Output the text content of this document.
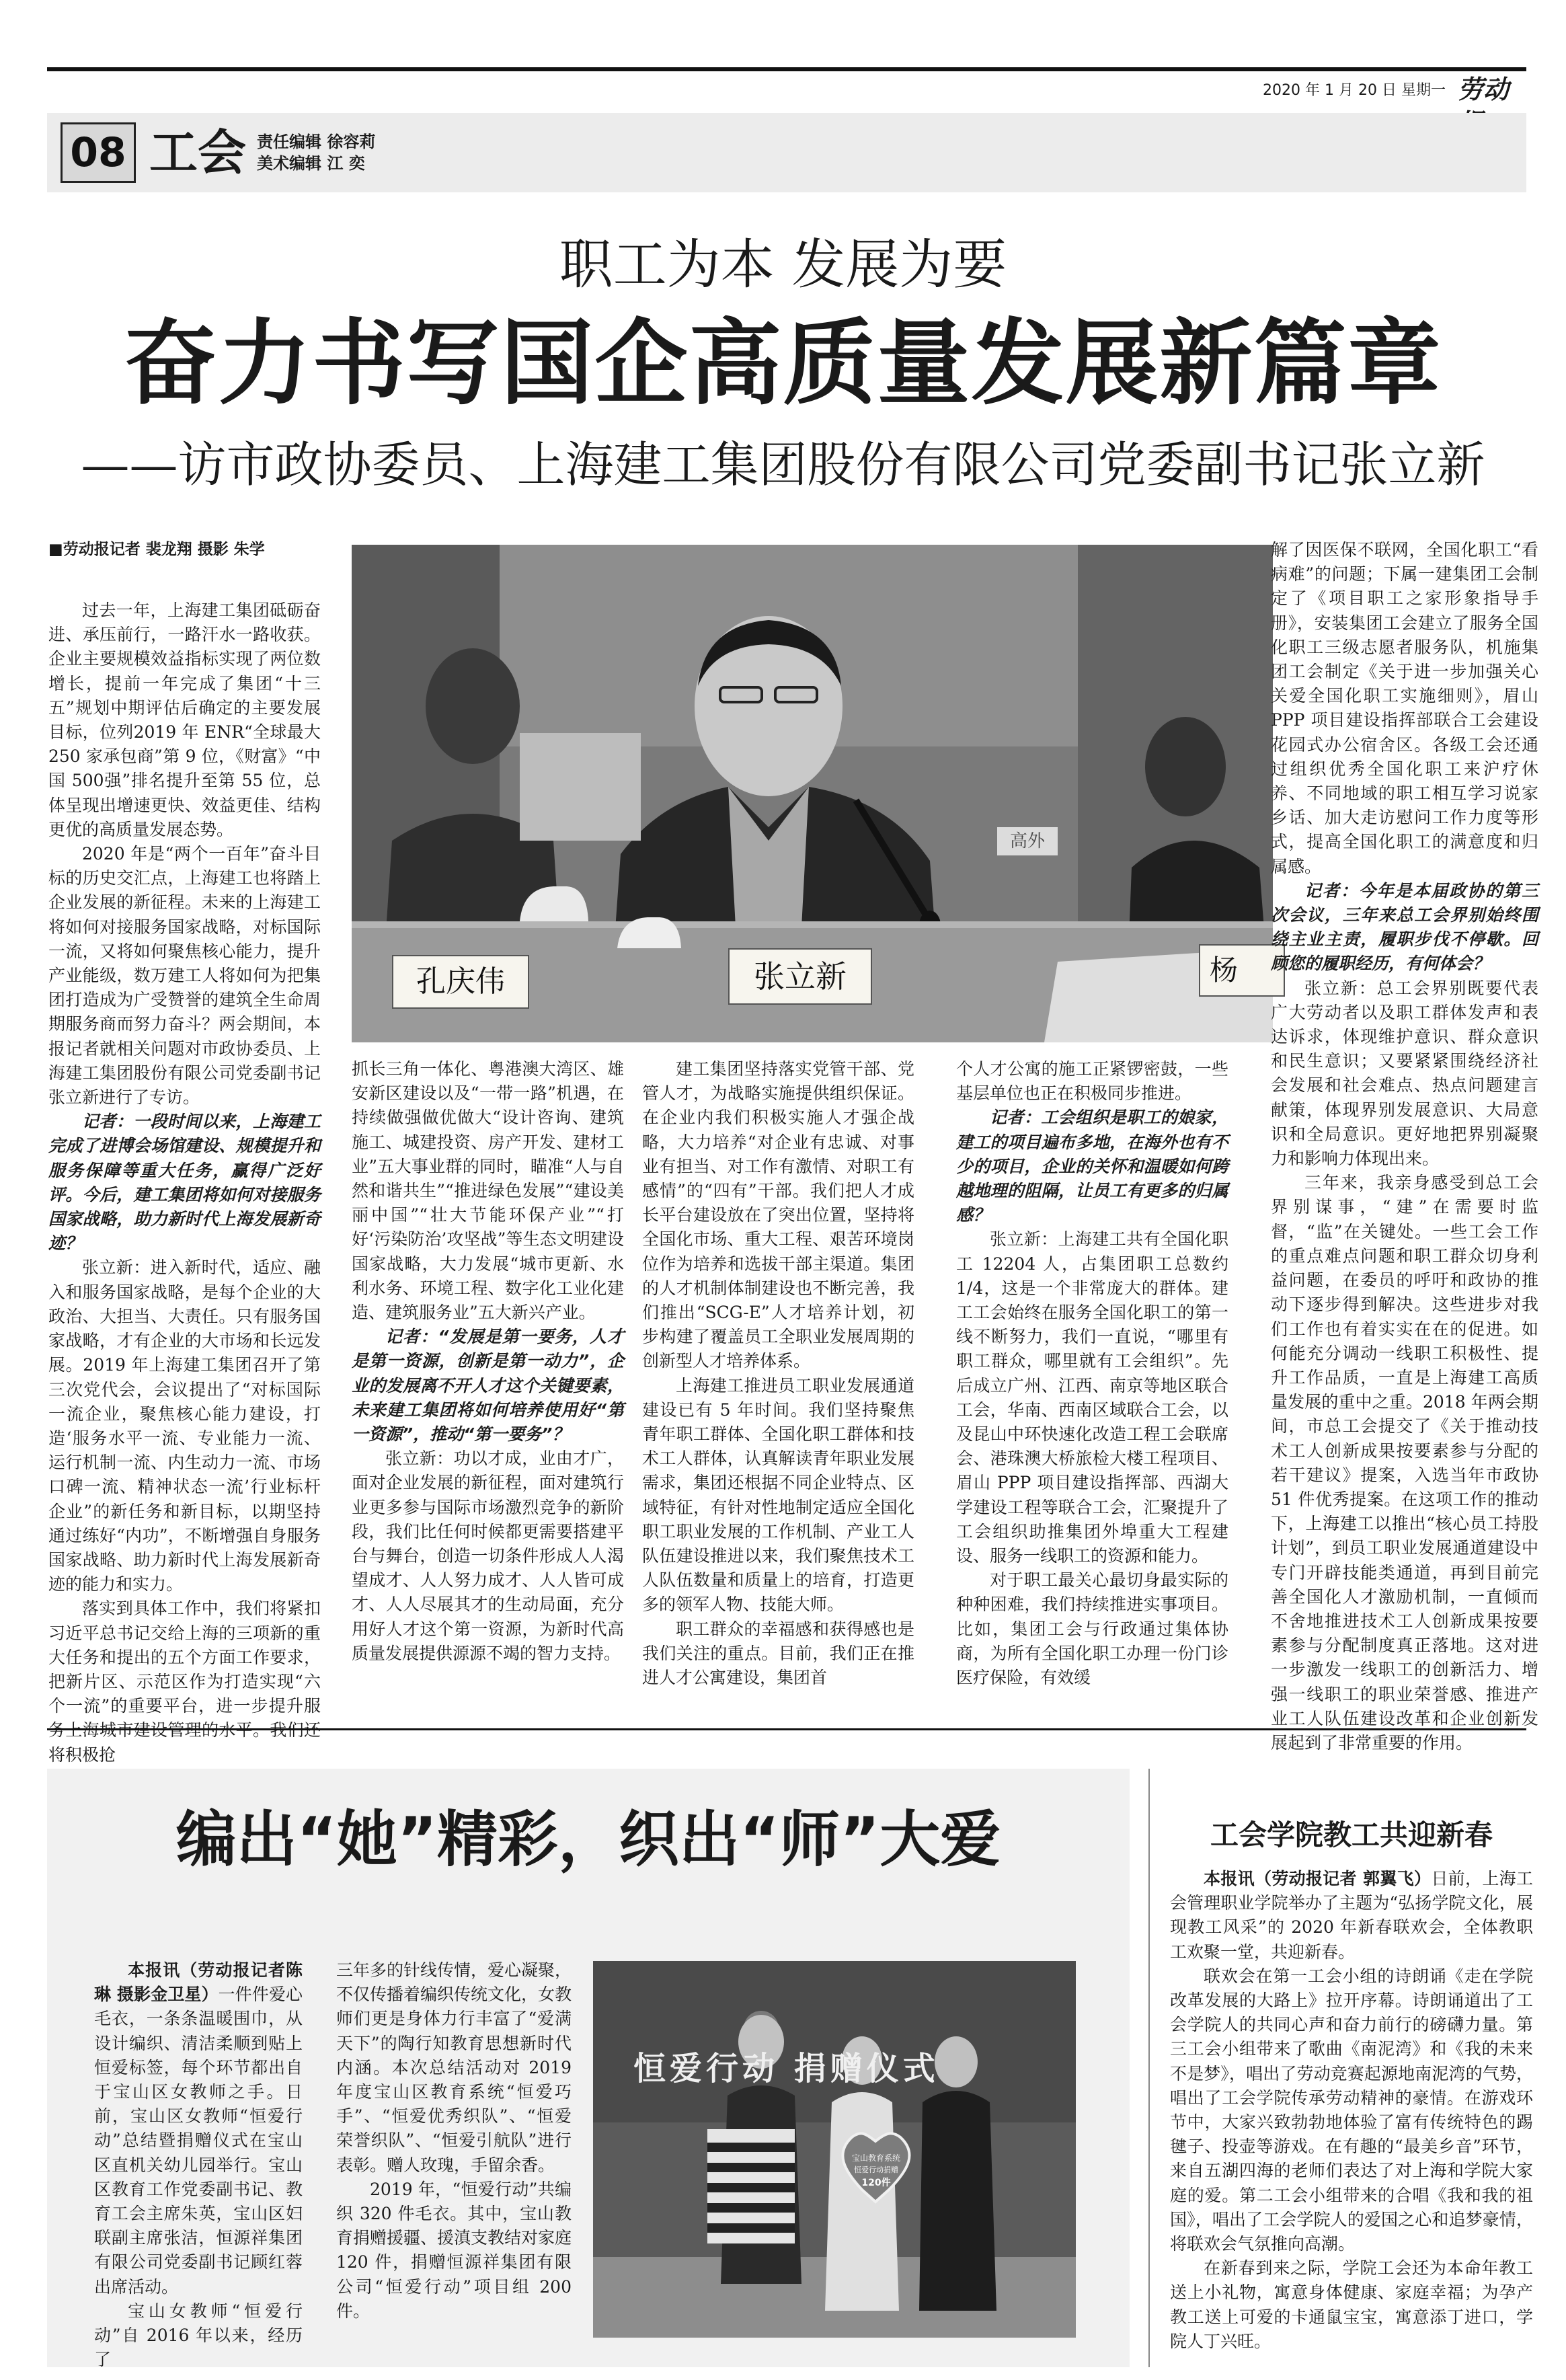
2020 年 1 月 20 日 星期一 劳动
08 工会 责任编辑 徐容莉
美术编辑 江 奕
职工为本 发展为要
奋力书写国企高质量发展新篇章
——访市政协委员、上海建工集团股份有限公司党委副书记张立新
■劳动报记者 裴龙翔 摄影 朱学
孔庆伟	张立新	杨
高外

过去一年，上海建工集团砥砺奋进、承压前行，一路汗水一路收获。企业主要规模效益指标实现了两位数增长，提前一年完成了集团“十三五”规划中期评估后确定的主要发展目标，位列2019 年 ENR“全球最大 250 家承包商”第 9 位，《财富》“中国 500强”排名提升至第 55 位，总体呈现出增速更快、效益更佳、结构更优的高质量发展态势。

2020 年是“两个一百年”奋斗目标的历史交汇点，上海建工也将踏上企业发展的新征程。未来的上海建工将如何对接服务国家战略，对标国际一流，又将如何聚焦核心能力，提升产业能级，数万建工人将如何为把集团打造成为广受赞誉的建筑全生命周期服务商而努力奋斗？两会期间，本报记者就相关问题对市政协委员、上海建工集团股份有限公司党委副书记张立新进行了专访。

记者：一段时间以来，上海建工完成了进博会场馆建设、规模提升和服务保障等重大任务，赢得广泛好评。今后，建工集团将如何对接服务国家战略，助力新时代上海发展新奇迹？

张立新：进入新时代，适应、融入和服务国家战略，是每个企业的大政治、大担当、大责任。只有服务国家战略，才有企业的大市场和长远发展。2019 年上海建工集团召开了第三次党代会，会议提出了“对标国际一流企业，聚焦核心能力建设，打造‘服务水平一流、专业能力一流、运行机制一流、内生动力一流、市场口碑一流、精神状态一流’行业标杆企业”的新任务和新目标，以期坚持通过练好“内功”，不断增强自身服务国家战略、助力新时代上海发展新奇迹的能力和实力。

落实到具体工作中，我们将紧扣习近平总书记交给上海的三项新的重大任务和提出的五个方面工作要求，把新片区、示范区作为打造实现“六个一流”的重要平台，进一步提升服 将积极抢

抓长三角一体化、粤港澳大湾区、雄安新区建设以及“一带一路”机遇，在持续做强做优做大“设计咨询、建筑施工、城建投资、房产开发、建材工业”五大事业群的同时，瞄准“人与自然和谐共生”“推进绿色发展”“建设美丽中国”“壮大节能环保产业”“打好‘污染防治’攻坚战”等生态文明建设国家战略，大力发展“城市更新、水利水务、环境工程、数字化工业化建造、建筑服务业”五大新兴产业。

记者：“发展是第一要务，人才是第一资源，创新是第一动力”，企业的发展离不开人才这个关键要素，未来建工集团将如何培养使用好“第一资源”，推动“第一要务”？

张立新：功以才成，业由才广，面对企业发展的新征程，面对建筑行业更多参与国际市场激烈竞争的新阶段，我们比任何时候都更需要搭建平台与舞台，创造一切条件形成人人渴望成才、人人努力成才、人人皆可成才、人人尽展其才的生动局面，充分用好人才这个第一资源，为新时代高质量发展提供源源不竭的智力支持。

建工集团坚持落实党管干部、党管人才，为战略实施提供组织保证。在企业内我们积极实施人才强企战略，大力培养“对企业有忠诚、对事业有担当、对工作有激情、对职工有感情”的“四有”干部。我们把人才成长平台建设放在了突出位置，坚持将全国化市场、重大工程、艰苦环境岗位作为培养和选拔干部主渠道。集团的人才机制体制建设也不断完善，我们推出“SCG-E”人才培养计划，初步构建了覆盖员工全职业发展周期的创新型人才培养体系。

上海建工推进员工职业发展通道建设已有 5 年时间。我们坚持聚焦青年职工群体、全国化职工群体和技术工人群体，认真解读青年职业发展需求，集团还根据不同企业特点、区域特征，有针对性地制定适应全国化职工职业发展的工作机制、产业工人队伍建设推进以来，我们聚焦技术工人队伍数量和质量上的培育，打造更多的领军人物、技能大师。

职工群众的幸福感和获得感也是我们关注的重点。目前，我们正在推进人才公寓建设，集团首

个人才公寓的施工正紧锣密鼓，一些基层单位也正在积极同步推进。

记者：工会组织是职工的娘家，建工的项目遍布多地，在海外也有不少的项目，企业的关怀和温暖如何跨越地理的阻隔，让员工有更多的归属感？

张立新：上海建工共有全国化职工 12204 人，占集团职工总数约 1/4，这是一个非常庞大的群体。建工工会始终在服务全国化职工的第一线不断努力，我们一直说，“哪里有职工群众，哪里就有工会组织”。先后成立广州、江西、南京等地区联合工会，华南、西南区域联合工会，以及昆山中环快速化改造工程工会联席会、港珠澳大桥旅检大楼工程项目、眉山 PPP 项目建设指挥部、西湖大学建设工程等联合工会，汇聚提升了工会组织助推集团外埠重大工程建设、服务一线职工的资源和能力。

对于职工最关心最切身最实际的种种困难，我们持续推进实事项目。比如，集团工会与行政通过集体协商，为所有全国化职工办理一份门诊医疗保险，有效缓

解了因医保不联网，全国化职工“看病难”的问题；下属一建集团工会制定了《项目职工之家形象指导手册》，安装集团工会建立了服务全国化职工三级志愿者服务队，机施集团工会制定《关于进一步加强关心关爱全国化职工实施细则》，眉山 PPP 项目建设指挥部联合工会建设花园式办公宿舍区。各级工会还通过组织优秀全国化职工来沪疗休养、不同地域的职工相互学习说家乡话、加大走访慰问工作力度等形式，提高全国化职工的满意度和归属感。

记者：今年是本届政协的第三次会议，三年来总工会界别始终围绕主业主责，履职步伐不停歇。回顾您的履职经历，有何体会？

张立新：总工会界别既要代表广大劳动者以及职工群体发声和表达诉求，体现维护意识、群众意识和民生意识；又要紧紧围绕经济社会发展和社会难点、热点问题建言献策，体现界别发展意识、大局意识和全局意识。更好地把界别凝聚力和影响力体现出来。

三年来，我亲身感受到总工会界别谋事，“建”在需要时监督，“监”在关键处。一些工会工作的重点难点问题和职工群众切身利益问题，在委员的呼吁和政协的推动下逐步得到解决。这些进步对我们工作也有着实实在在的促进。如何能充分调动一线职工积极性、提升工作品质，一直是上海建工高质量发展的重中之重。2018 年两会期间，市总工会提交了《关于推动技术工人创新成果按要素参与分配的若干建议》提案，入选当年市政协 51 件优秀提案。在这项工作的推动下，上海建工以推出“核心员工持股计划”，到员工职业发展通道建设中专门开辟技能类通道，再到目前完善全国化人才激励机制，一直倾而不舍地推进技术工人创新成果按要素参与分配制度真正落地。这对进一步激发一线职工的创新活力、增强一线职工的职业荣誉感、推进产业工人队伍建设改革和企业创新发展起到了非常重要的作用。

编出“她”精彩，织出“师”大爱

本报讯（劳动报记者陈琳 摄影金卫星）一件件爱心毛衣，一条条温暖围巾，从设计编织、清洁柔顺到贴上恒爱标签，每个环节都出自于宝山区女教师之手。日前，宝山区女教师“恒爱行动”总结暨捐赠仪式在宝山区直机关幼儿园举行。宝山区教育工作党委副书记、教育工会主席朱英，宝山区妇联副主席张洁，恒源祥集团有限公司党委副书记顾红蓉出席活动。

宝山女教师“恒爱行动”自 2016 年以来，经历了

三年多的针线传情，爱心凝聚，不仅传播着编织传统文化，女教师们更是身体力行丰富了“爱满天下”的陶行知教育思想新时代内涵。本次总结活动对 2019 年度宝山区教育系统“恒爱巧手”、“恒爱优秀织队”、“恒爱荣誉织队”、“恒爱引航队”进行表彰。赠人玫瑰，手留余香。

2019 年，“恒爱行动”共编织 320 件毛衣。其中，宝山教育捐赠援疆、援滇支教结对家庭 120 件，捐赠恒源祥集团有限公司“恒爱行动”项目组 200件。

恒爱行动 捐赠仪式
宝山教育系统
恒爱行动捐赠
120件
工会学院教工共迎新春

本报讯（劳动报记者 郭翼飞）日前，上海工会管理职业学院举办了主题为“弘扬学院文化，展现教工风采”的 2020 年新春联欢会，全体教职工欢聚一堂，共迎新春。

联欢会在第一工会小组的诗朗诵《走在学院改革发展的大路上》拉开序幕。诗朗诵道出了工会学院人的共同心声和奋力前行的磅礴力量。第三工会小组带来了歌曲《南泥湾》和《我的未来不是梦》，唱出了劳动竞赛起源地南泥湾的气势，唱出了工会学院传承劳动精神的豪情。在游戏环节中，大家兴致勃勃地体验了富有传统特色的踢毽子、投壶等游戏。在有趣的“最美乡音”环节，来自五湖四海的老师们表达了对上海和学院大家庭的爱。第二工会小组带来的合唱《我和我的祖国》，唱出了工会学院人的爱国之心和追梦豪情，将联欢会气氛推向高潮。

在新春到来之际，学院工会还为本命年教工送上小礼物，寓意身体健康、家庭幸福；为孕产教工送上可爱的卡通鼠宝宝，寓意添丁进口，学院人丁兴旺。
